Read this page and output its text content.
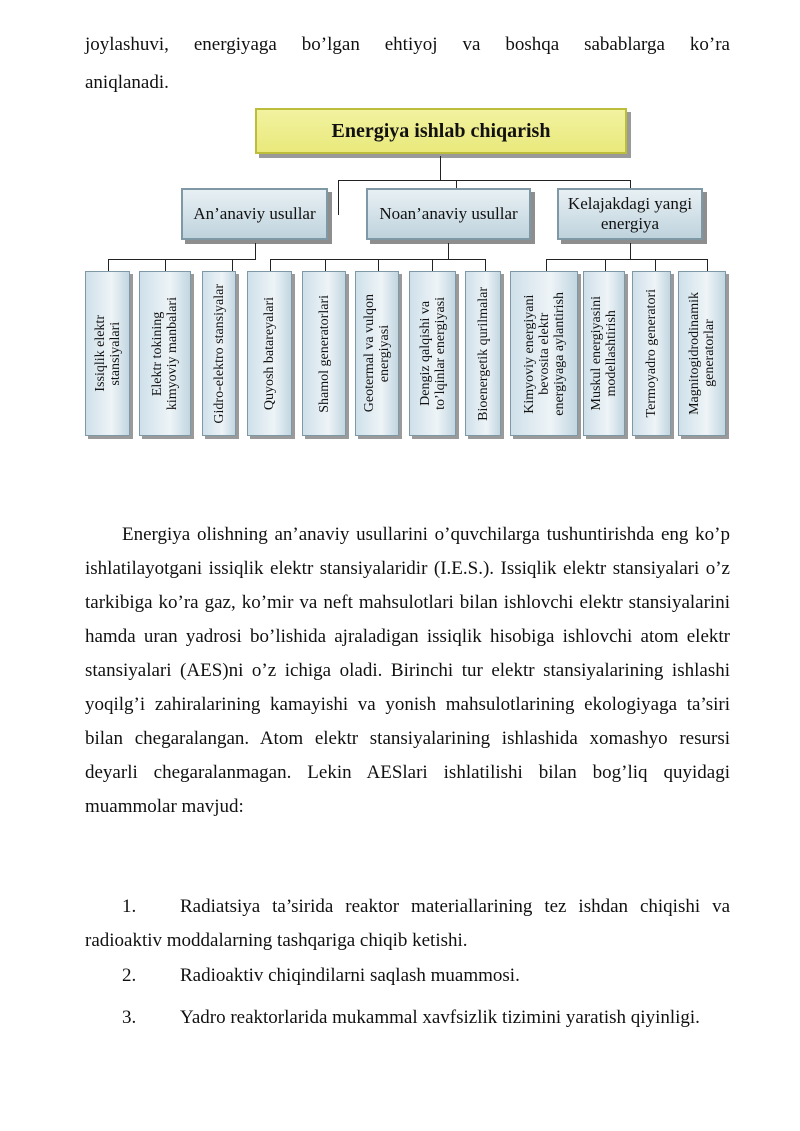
joylashuvi, energiyaga bo’lgan ehtiyoj va boshqa sabablarga ko’ra

aniqlanadi.

Energiya ishlab chiqarish
An’anaviy usullar	Noan’anaviy usullar
Kelajakdagi yangi energiya
Issiqlik elektr
stansiyalari Elektr tokining
kimyoviy manbalari Gidro-elektro stansiyalar	Quyosh batareyalari	Shamol generatorlari Geotermal va vulqon
energiyasi
Dengiz qalqishi va
to’lqinlar energiyasi Bioenergetik qurilmalar Kimyoviy energiyani
bevosita elektr
energiyaga aylantirish
Muskul energiyasini
modellashtirish Termoyadro generatori Magnitogidrodinamik
generatorlar

Energiya olishning an’anaviy usullarini o’quvchilarga tushuntirishda eng ko’p ishlatilayotgani issiqlik elektr stansiyalaridir (I.E.S.). Issiqlik elektr stansiyalari o’z tarkibiga ko’ra gaz, ko’mir va neft mahsulotlari bilan ishlovchi elektr stansiyalarini hamda uran yadrosi bo’lishida ajraladigan issiqlik hisobiga ishlovchi atom elektr stansiyalari (AES)ni o’z ichiga oladi. Birinchi tur elektr stansiyalarining ishlashi yoqilg’i zahiralarining kamayishi va yonish mahsulotlarining ekologiyaga ta’siri bilan chegaralangan. Atom elektr stansiyalarining ishlashida xomashyo resursi deyarli chegaralanmagan. Lekin AESlari ishlatilishi bilan bog’liq quyidagi muammolar mavjud:

1.	Radiatsiya ta’sirida reaktor materiallarining tez ishdan chiqishi va radioaktiv moddalarning tashqariga chiqib ketishi.

2.	Radioaktiv chiqindilarni saqlash muammosi.

3.	Yadro reaktorlarida mukammal xavfsizlik tizimini yaratish qiyinligi.
